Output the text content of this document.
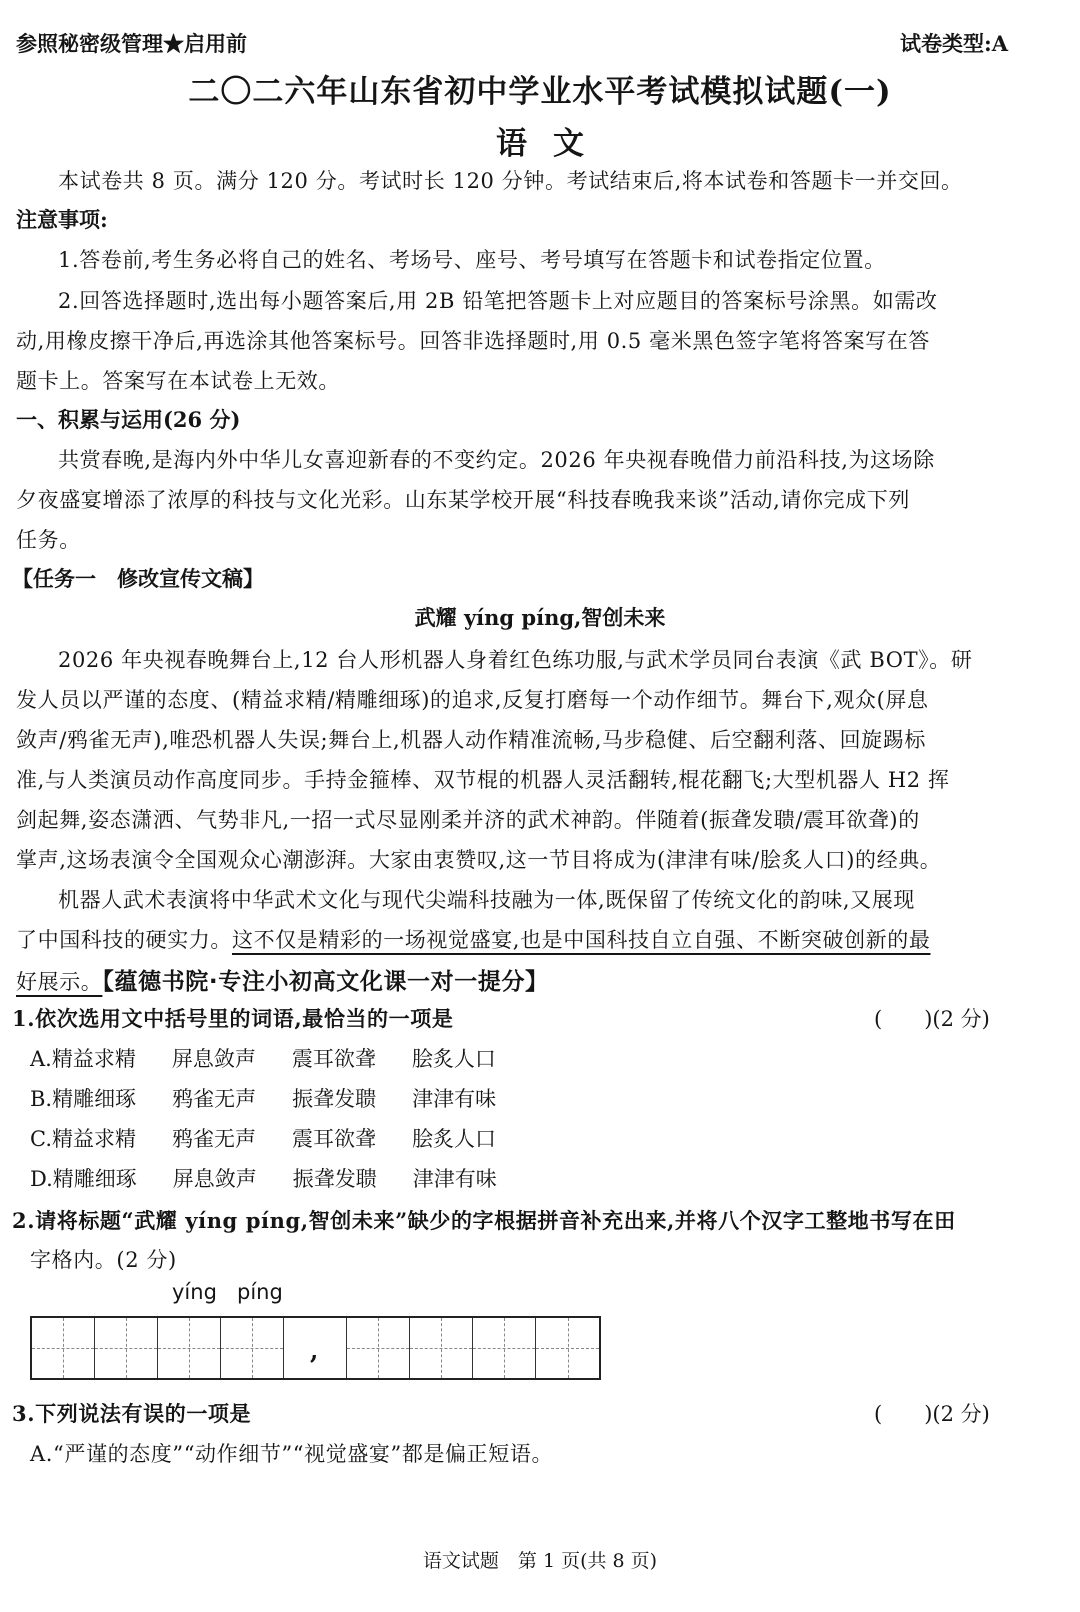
参照秘密级管理★启用前	试卷类型:A
二〇二六年山东省初中学业水平考试模拟试题(一)
语文
本试卷共 8 页。满分 120 分。考试时长 120 分钟。考试结束后,将本试卷和答题卡一并交回。
注意事项:
1.答卷前,考生务必将自己的姓名、考场号、座号、考号填写在答题卡和试卷指定位置。
2.回答选择题时,选出每小题答案后,用 2B 铅笔把答题卡上对应题目的答案标号涂黑。如需改
动,用橡皮擦干净后,再选涂其他答案标号。回答非选择题时,用 0.5 毫米黑色签字笔将答案写在答
题卡上。答案写在本试卷上无效。
一、积累与运用(26 分)
共赏春晚,是海内外中华儿女喜迎新春的不变约定。2026 年央视春晚借力前沿科技,为这场除
夕夜盛宴增添了浓厚的科技与文化光彩。山东某学校开展“科技春晚我来谈”活动,请你完成下列
任务。
【任务一　修改宣传文稿】
武耀 yíng píng,智创未来
2026 年央视春晚舞台上,12 台人形机器人身着红色练功服,与武术学员同台表演《武 BOT》。研
发人员以严谨的态度、(精益求精/精雕细琢)的追求,反复打磨每一个动作细节。舞台下,观众(屏息
敛声/鸦雀无声),唯恐机器人失误;舞台上,机器人动作精准流畅,马步稳健、后空翻利落、回旋踢标
准,与人类演员动作高度同步。手持金箍棒、双节棍的机器人灵活翻转,棍花翻飞;大型机器人 H2 挥
剑起舞,姿态潇洒、气势非凡,一招一式尽显刚柔并济的武术神韵。伴随着(振聋发聩/震耳欲聋)的
掌声,这场表演令全国观众心潮澎湃。大家由衷赞叹,这一节目将成为(津津有味/脍炙人口)的经典。
机器人武术表演将中华武术文化与现代尖端科技融为一体,既保留了传统文化的韵味,又展现
了中国科技的硬实力。这不仅是精彩的一场视觉盛宴,也是中国科技自立自强、不断突破创新的最
好展示。【蕴德书院·专注小初高文化课一对一提分】
1.依次选用文中括号里的词语,最恰当的一项是	(　　)(2 分)
A.精益求精 屏息敛声 震耳欲聋 脍炙人口
B.精雕细琢 鸦雀无声 振聋发聩 津津有味
C.精益求精 鸦雀无声 震耳欲聋 脍炙人口
D.精雕细琢 屏息敛声 振聋发聩 津津有味
2.请将标题“武耀 yíng píng,智创未来”缺少的字根据拼音补充出来,并将八个汉字工整地书写在田
字格内。(2 分)
yíng píng
,
3.下列说法有误的一项是	(　　)(2 分)
A.“严谨的态度”“动作细节”“视觉盛宴”都是偏正短语。
语文试题　第 1 页(共 8 页)
